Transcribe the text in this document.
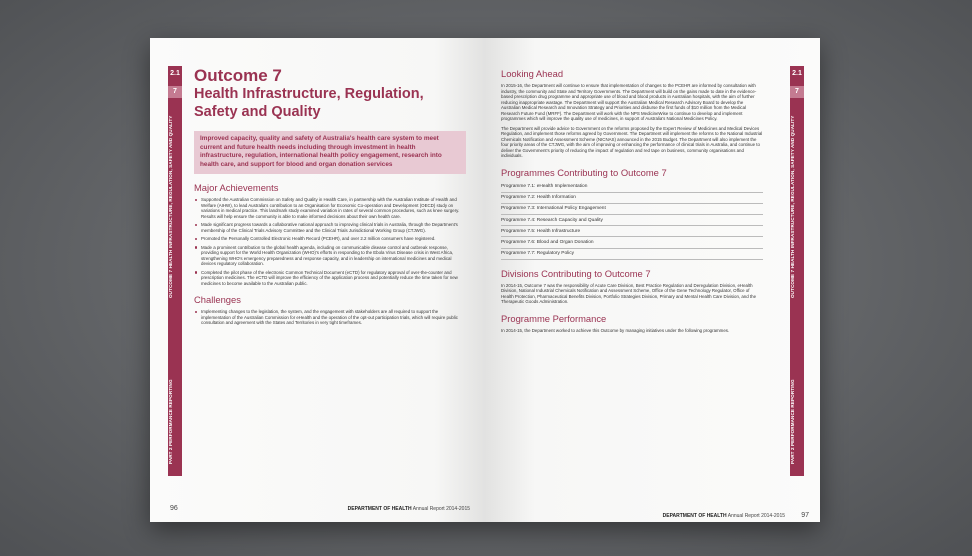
2.1
7
OUTCOME 7 HEALTH INFRASTRUCTURE, REGULATION, SAFETY AND QUALITY
PART 2 PERFORMANCE REPORTING
Outcome 7
Health Infrastructure, Regulation, Safety and Quality
Improved capacity, quality and safety of Australia's health care system to meet current and future health needs including through investment in health infrastructure, regulation, international health policy engagement, research into health care, and support for blood and organ donation services
Major Achievements
Supported the Australian Commission on Safety and Quality in Health Care, in partnership with the Australian Institute of Health and Welfare (AIHW), to lead Australia's contribution to an Organisation for Economic Co-operation and Development (OECD) study on variations in medical practice. This landmark study examined variation in rates of several common procedures, such as knee surgery. Results will help ensure the community is able to make informed decisions about their own health care.
Made significant progress towards a collaborative national approach to improving clinical trials in Australia, through the Department's membership of the Clinical Trials Advisory Committee and the Clinical Trials Jurisdictional Working Group (CTJWG).
Promoted the Personally Controlled Electronic Health Record (PCEHR), and over 2.2 million consumers have registered.
Made a prominent contribution to the global health agenda, including on communicable disease control and outbreak response, providing support for the World Health Organization (WHO)'s efforts in responding to the Ebola Virus Disease crisis in West Africa, strengthening WHO's emergency preparedness and response capacity, and in leadership on international medicines and medical devices regulatory collaboration.
Completed the pilot phase of the electronic Common Technical Document (eCTD) for regulatory approval of over-the-counter and prescription medicines. The eCTD will improve the efficiency of the application process and potentially reduce the time taken for new medicines to become available to the Australian public.
Challenges
Implementing changes to the legislation, the system, and the engagement with stakeholders are all required to support the implementation of the Australian Commission for eHealth and the operation of the opt-out participation trials, which will require public consultation and agreement with the States and Territories in very tight timeframes.
96	DEPARTMENT OF HEALTH Annual Report 2014-2015
2.1
7
OUTCOME 7 HEALTH INFRASTRUCTURE, REGULATION, SAFETY AND QUALITY
PART 2 PERFORMANCE REPORTING
Looking Ahead

In 2015-16, the Department will continue to ensure that implementation of changes to the PCEHR are informed by consultation with industry, the community and State and Territory Governments. The Department will build on the gains made to date in the evidence-based prescription drug programme and appropriate use of blood and blood products in Australian hospitals, with the aim of further reducing inappropriate wastage. The Department will support the Australian Medical Research Advisory Board to develop the Australian Medical Research and Innovation Strategy and Priorities and disburse the first funds of $10 million from the Medical Research Future Fund (MRFF). The Department will work with the NPS MedicineWise to continue to develop and implement programmes which will improve the quality use of medicines, in support of Australia's National Medicines Policy.

The Department will provide advice to Government on the reforms proposed by the Expert Review of Medicines and Medical Devices Regulation, and implement those reforms agreed by Government. The Department will implement the reforms to the National Industrial Chemicals Notification and Assessment Scheme (NICNAS) announced in the 2015 Budget. The Department will also implement the four priority areas of the CTJWG, with the aim of improving or enhancing the performance of clinical trials in Australia, and continue to deliver the Government's priority of reducing the impact of regulation and red tape on business, community organisations and individuals.

Programmes Contributing to Outcome 7
Programme 7.1: eHealth Implementation
Programme 7.2: Health Information
Programme 7.3: International Policy Engagement
Programme 7.4: Research Capacity and Quality
Programme 7.5: Health Infrastructure
Programme 7.6: Blood and Organ Donation
Programme 7.7: Regulatory Policy
Divisions Contributing to Outcome 7

In 2014-15, Outcome 7 was the responsibility of Acute Care Division, Best Practice Regulation and Deregulation Division, eHealth Division, National Industrial Chemicals Notification and Assessment Scheme, Office of the Gene Technology Regulator, Office of Health Protection, Pharmaceutical Benefits Division, Portfolio Strategies Division, Primary and Mental Health Care Division, and the Therapeutic Goods Administration.

Programme Performance

In 2014-15, the Department worked to achieve this Outcome by managing initiatives under the following programmes.

DEPARTMENT OF HEALTH Annual Report 2014-2015 97
